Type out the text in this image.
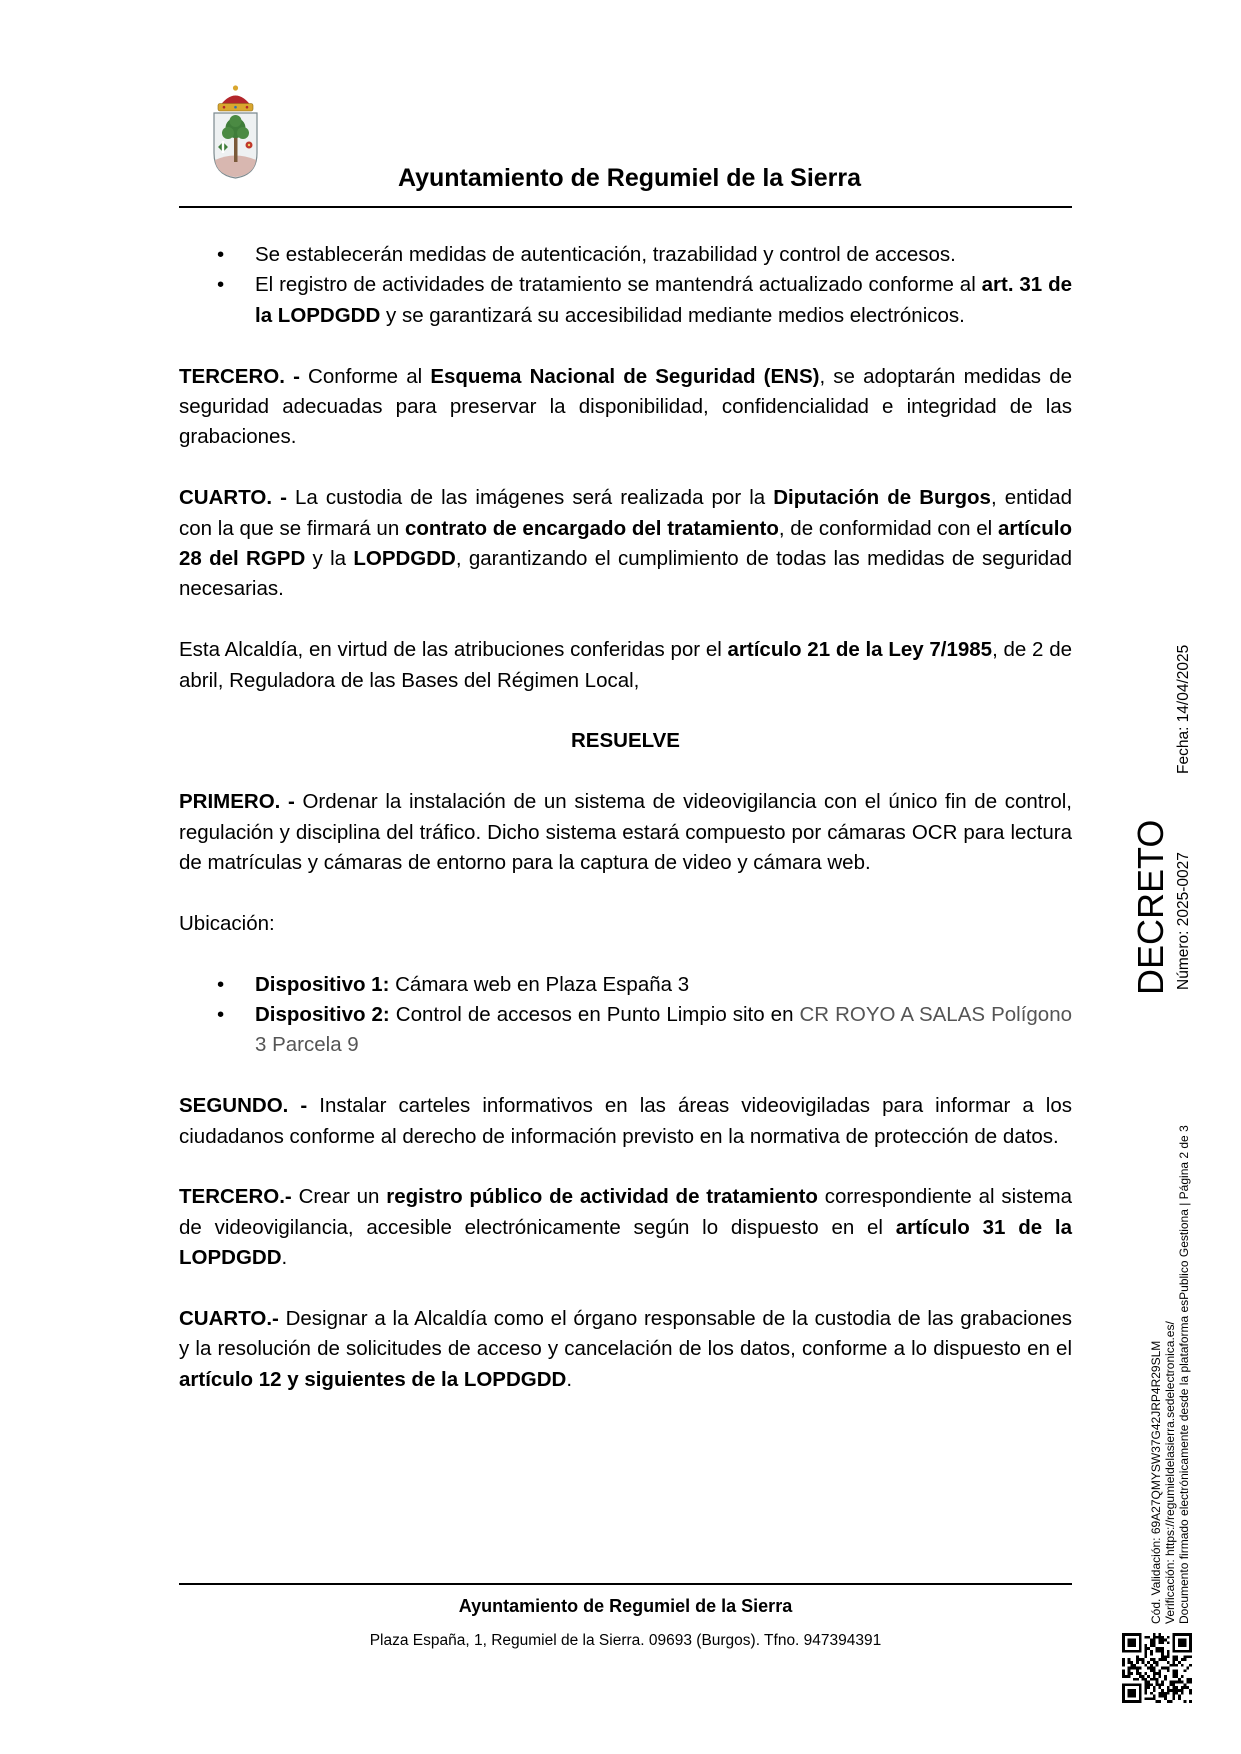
Ayuntamiento de Regumiel de la Sierra
• Se establecerán medidas de autenticación, trazabilidad y control de accesos.
• El registro de actividades de tratamiento se mantendrá actualizado conforme al art. 31 de la LOPDGDD y se garantizará su accesibilidad mediante medios electrónicos.

TERCERO. - Conforme al Esquema Nacional de Seguridad (ENS), se adoptarán medidas de seguridad adecuadas para preservar la disponibilidad, confidencialidad e integridad de las grabaciones.

CUARTO. - La custodia de las imágenes será realizada por la Diputación de Burgos, entidad con la que se firmará un contrato de encargado del tratamiento, de conformidad con el artículo 28 del RGPD y la LOPDGDD, garantizando el cumplimiento de todas las medidas de seguridad necesarias.

Esta Alcaldía, en virtud de las atribuciones conferidas por el artículo 21 de la Ley 7/1985, de 2 de abril, Reguladora de las Bases del Régimen Local,

RESUELVE

PRIMERO. - Ordenar la instalación de un sistema de videovigilancia con el único fin de control, regulación y disciplina del tráfico. Dicho sistema estará compuesto por cámaras OCR para lectura de matrículas y cámaras de entorno para la captura de video y cámara web.

Ubicación:

• Dispositivo 1: Cámara web en Plaza España 3
• Dispositivo 2: Control de accesos en Punto Limpio sito en CR ROYO A SALAS Polígono 3 Parcela 9

SEGUNDO. - Instalar carteles informativos en las áreas videovigiladas para informar a los ciudadanos conforme al derecho de información previsto en la normativa de protección de datos.

TERCERO.- Crear un registro público de actividad de tratamiento correspondiente al sistema de videovigilancia, accesible electrónicamente según lo dispuesto en el artículo 31 de la LOPDGDD.

CUARTO.- Designar a la Alcaldía como el órgano responsable de la custodia de las grabaciones y la resolución de solicitudes de acceso y cancelación de los datos, conforme a lo dispuesto en el artículo 12 y siguientes de la LOPDGDD.

Ayuntamiento de Regumiel de la Sierra
Plaza España, 1, Regumiel de la Sierra. 09693 (Burgos). Tfno. 947394391
DECRETO Número: 2025-0027
Fecha: 14/04/2025
Cód. Validación: 69A27QMYSW37G42JRP4R29SLM Verificación: https://regumieldelasierra.sedelectronica.es/ Documento firmado electrónicamente desde la plataforma esPublico Gestiona | Página 2 de 3
